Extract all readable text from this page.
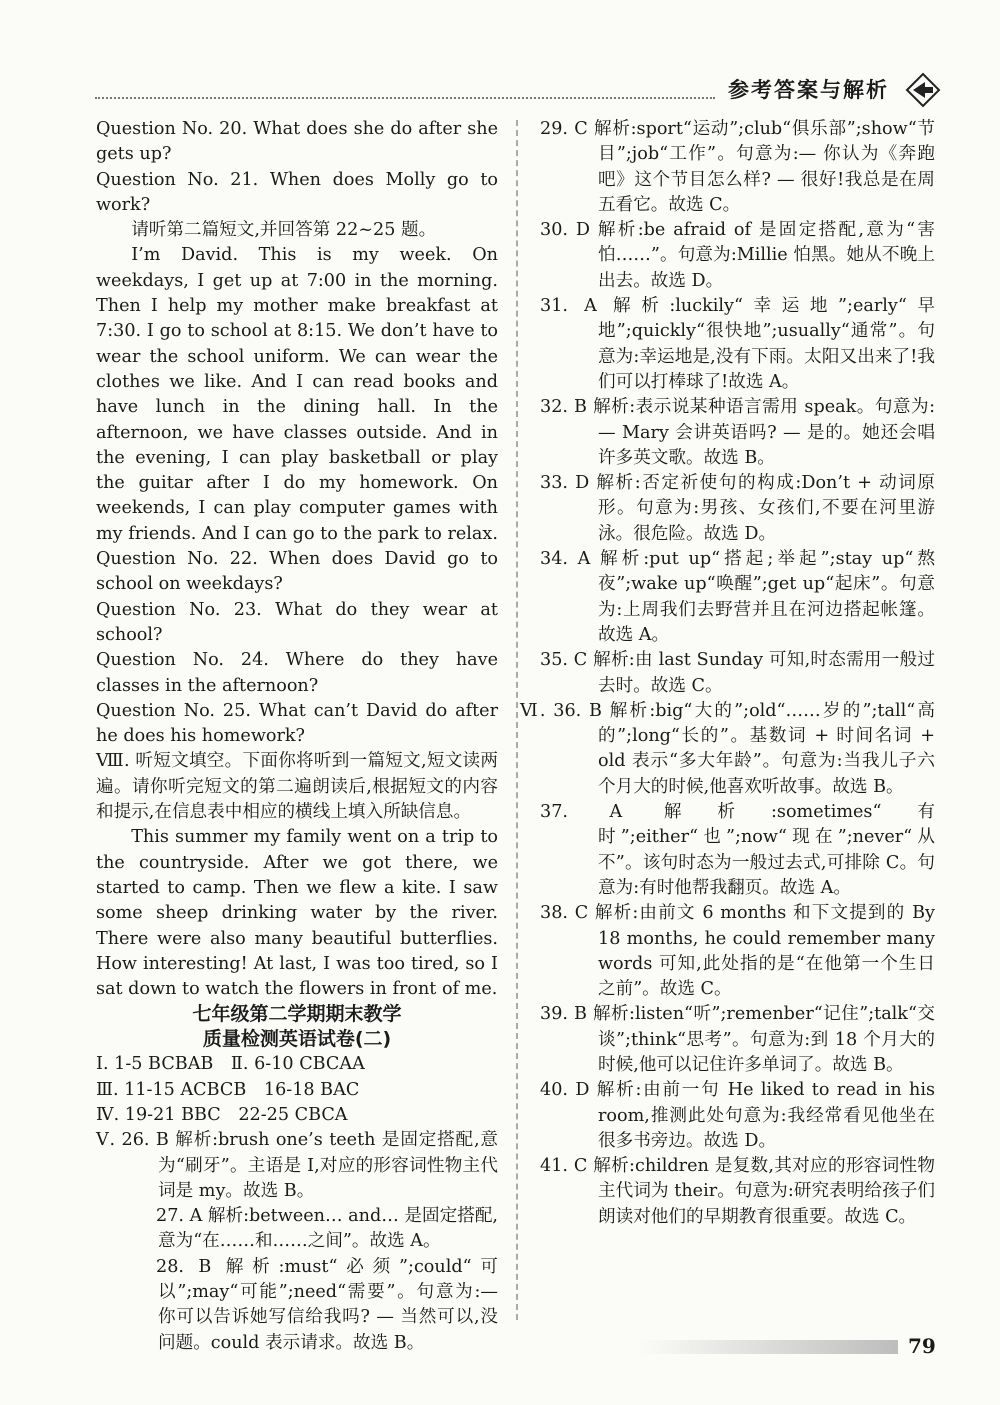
参考答案与解析

Question No. 20. What does she do after she gets up?

Question No. 21. When does Molly go to work?

请听第二篇短文,并回答第 22~25 题。

I’m David. This is my week. On weekdays, I get up at 7:00 in the morning. Then I help my mother make breakfast at 7:30. I go to school at 8:15. We don’t have to wear the school uniform. We can wear the clothes we like. And I can read books and have lunch in the dining hall. In the afternoon, we have classes outside. And in the evening, I can play basketball or play the guitar after I do my homework. On weekends, I can play computer games with my friends. And I can go to the park to relax.

Question No. 22. When does David go to school on weekdays?

Question No. 23. What do they wear at school?

Question No. 24. Where do they have classes in the afternoon?

Question No. 25. What can’t David do after he does his homework?

Ⅷ. 听短文填空。下面你将听到一篇短文,短文读两遍。请你听完短文的第二遍朗读后,根据短文的内容和提示,在信息表中相应的横线上填入所缺信息。

This summer my family went on a trip to the countryside. After we got there, we started to camp. Then we flew a kite. I saw some sheep drinking water by the river. There were also many beautiful butterflies. How interesting! At last, I was too tired, so I sat down to watch the flowers in front of me.

七年级第二学期期末教学

质量检测英语试卷(二)

Ⅰ. 1-5 BCBAB　Ⅱ. 6-10 CBCAA

Ⅲ. 11-15 ACBCB　16-18 BAC

Ⅳ. 19-21 BBC　22-25 CBCA

Ⅴ. 26. B 解析:brush one’s teeth 是固定搭配,意为“刷牙”。主语是 I,对应的形容词性物主代词是 my。故选 B。

27. A 解析:between… and… 是固定搭配,意为“在……和……之间”。故选 A。

28. B 解析:must“必须”;could“可以”;may“可能”;need“需要”。句意为:— 你可以告诉她写信给我吗? — 当然可以,没问题。could 表示请求。故选 B。

29. C 解析:sport“运动”;club“俱乐部”;show“节目”;job“工作”。句意为:— 你认为《奔跑吧》这个节目怎么样? — 很好!我总是在周五看它。故选 C。

30. D 解析:be afraid of 是固定搭配,意为“害怕……”。句意为:Millie 怕黑。她从不晚上出去。故选 D。

31. A 解析:luckily“幸运地”;early“早地”;quickly“很快地”;usually“通常”。句意为:幸运地是,没有下雨。太阳又出来了!我们可以打棒球了!故选 A。

32. B 解析:表示说某种语言需用 speak。句意为:— Mary 会讲英语吗? — 是的。她还会唱许多英文歌。故选 B。

33. D 解析:否定祈使句的构成:Don’t + 动词原形。句意为:男孩、女孩们,不要在河里游泳。很危险。故选 D。

34. A 解析:put up“搭起;举起”;stay up“熬夜”;wake up“唤醒”;get up“起床”。句意为:上周我们去野营并且在河边搭起帐篷。故选 A。

35. C 解析:由 last Sunday 可知,时态需用一般过去时。故选 C。

Ⅵ. 36. B 解析:big“大的”;old“……岁的”;tall“高的”;long“长的”。基数词 + 时间名词 + old 表示“多大年龄”。句意为:当我儿子六个月大的时候,他喜欢听故事。故选 B。

37. A 解析:sometimes“有时”;either“也”;now“现在”;never“从不”。该句时态为一般过去式,可排除 C。句意为:有时他帮我翻页。故选 A。

38. C 解析:由前文 6 months 和下文提到的 By 18 months, he could remember many words 可知,此处指的是“在他第一个生日之前”。故选 C。

39. B 解析:listen“听”;remenber“记住”;talk“交谈”;think“思考”。句意为:到 18 个月大的时候,他可以记住许多单词了。故选 B。

40. D 解析:由前一句 He liked to read in his room,推测此处句意为:我经常看见他坐在很多书旁边。故选 D。

41. C 解析:children 是复数,其对应的形容词性物主代词为 their。句意为:研究表明给孩子们朗读对他们的早期教育很重要。故选 C。

79
